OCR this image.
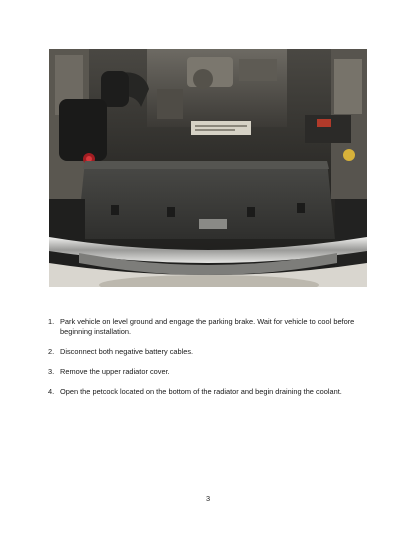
1. Park vehicle on level ground and engage the parking brake. Wait for vehicle to cool before beginning installation.
2. Disconnect both negative battery cables.
3. Remove the upper radiator cover.
4. Open the petcock located on the bottom of the radiator and begin draining the coolant.
3
